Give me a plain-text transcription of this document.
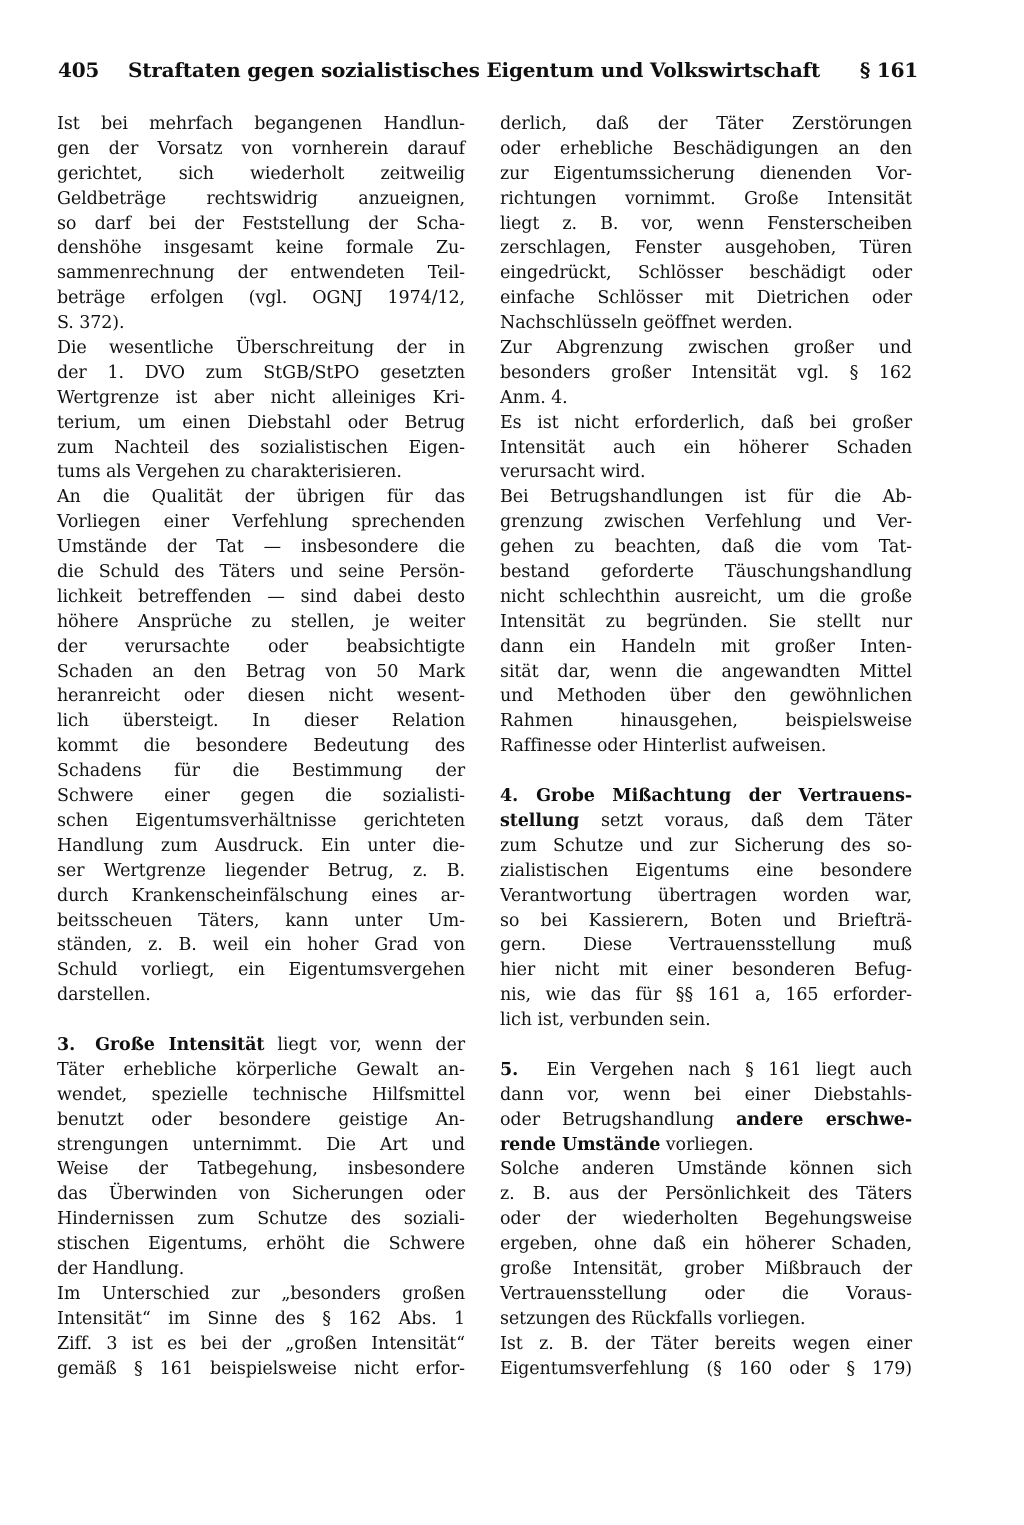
405	Straftaten gegen sozialistisches Eigentum und Volkswirtschaft	§ 161
Ist bei mehrfach begangenen Handlun-
gen der Vorsatz von vornherein darauf
gerichtet, sich wiederholt zeitweilig
Geldbeträge rechtswidrig anzueignen,
so darf bei der Feststellung der Scha-
denshöhe insgesamt keine formale Zu-
sammenrechnung der entwendeten Teil-
beträge erfolgen (vgl. OGNJ 1974/12,
S. 372).
Die wesentliche Überschreitung der in
der 1. DVO zum StGB/StPO gesetzten
Wertgrenze ist aber nicht alleiniges Kri-
terium, um einen Diebstahl oder Betrug
zum Nachteil des sozialistischen Eigen-
tums als Vergehen zu charakterisieren.
An die Qualität der übrigen für das
Vorliegen einer Verfehlung sprechenden
Umstände der Tat — insbesondere die
die Schuld des Täters und seine Persön-
lichkeit betreffenden — sind dabei desto
höhere Ansprüche zu stellen, je weiter
der verursachte oder beabsichtigte
Schaden an den Betrag von 50 Mark
heranreicht oder diesen nicht wesent-
lich übersteigt. In dieser Relation
kommt die besondere Bedeutung des
Schadens für die Bestimmung der
Schwere einer gegen die sozialisti-
schen Eigentumsverhältnisse gerichteten
Handlung zum Ausdruck. Ein unter die-
ser Wertgrenze liegender Betrug, z. B.
durch Krankenscheinfälschung eines ar-
beitsscheuen Täters, kann unter Um-
ständen, z. B. weil ein hoher Grad von
Schuld vorliegt, ein Eigentumsvergehen
darstellen.
3. Große Intensität liegt vor, wenn der
Täter erhebliche körperliche Gewalt an-
wendet, spezielle technische Hilfsmittel
benutzt oder besondere geistige An-
strengungen unternimmt. Die Art und
Weise der Tatbegehung, insbesondere
das Überwinden von Sicherungen oder
Hindernissen zum Schutze des soziali-
stischen Eigentums, erhöht die Schwere
der Handlung.
Im Unterschied zur „besonders großen
Intensität“ im Sinne des § 162 Abs. 1
Ziff. 3 ist es bei der „großen Intensität“
gemäß § 161 beispielsweise nicht erfor-
derlich, daß der Täter Zerstörungen
oder erhebliche Beschädigungen an den
zur Eigentumssicherung dienenden Vor-
richtungen vornimmt. Große Intensität
liegt z. B. vor, wenn Fensterscheiben
zerschlagen, Fenster ausgehoben, Türen
eingedrückt, Schlösser beschädigt oder
einfache Schlösser mit Dietrichen oder
Nachschlüsseln geöffnet werden.
Zur Abgrenzung zwischen großer und
besonders großer Intensität vgl. § 162
Anm. 4.
Es ist nicht erforderlich, daß bei großer
Intensität auch ein höherer Schaden
verursacht wird.
Bei Betrugshandlungen ist für die Ab-
grenzung zwischen Verfehlung und Ver-
gehen zu beachten, daß die vom Tat-
bestand geforderte Täuschungshandlung
nicht schlechthin ausreicht, um die große
Intensität zu begründen. Sie stellt nur
dann ein Handeln mit großer Inten-
sität dar, wenn die angewandten Mittel
und Methoden über den gewöhnlichen
Rahmen hinausgehen, beispielsweise
Raffinesse oder Hinterlist aufweisen.
4. Grobe Mißachtung der Vertrauens-
stellung setzt voraus, daß dem Täter
zum Schutze und zur Sicherung des so-
zialistischen Eigentums eine besondere
Verantwortung übertragen worden war,
so bei Kassierern, Boten und Briefträ-
gern. Diese Vertrauensstellung muß
hier nicht mit einer besonderen Befug-
nis, wie das für §§ 161 a, 165 erforder-
lich ist, verbunden sein.
5. Ein Vergehen nach § 161 liegt auch
dann vor, wenn bei einer Diebstahls-
oder Betrugshandlung andere erschwe-
rende Umstände vorliegen.
Solche anderen Umstände können sich
z. B. aus der Persönlichkeit des Täters
oder der wiederholten Begehungsweise
ergeben, ohne daß ein höherer Schaden,
große Intensität, grober Mißbrauch der
Vertrauensstellung oder die Voraus-
setzungen des Rückfalls vorliegen.
Ist z. B. der Täter bereits wegen einer
Eigentumsverfehlung (§ 160 oder § 179)
